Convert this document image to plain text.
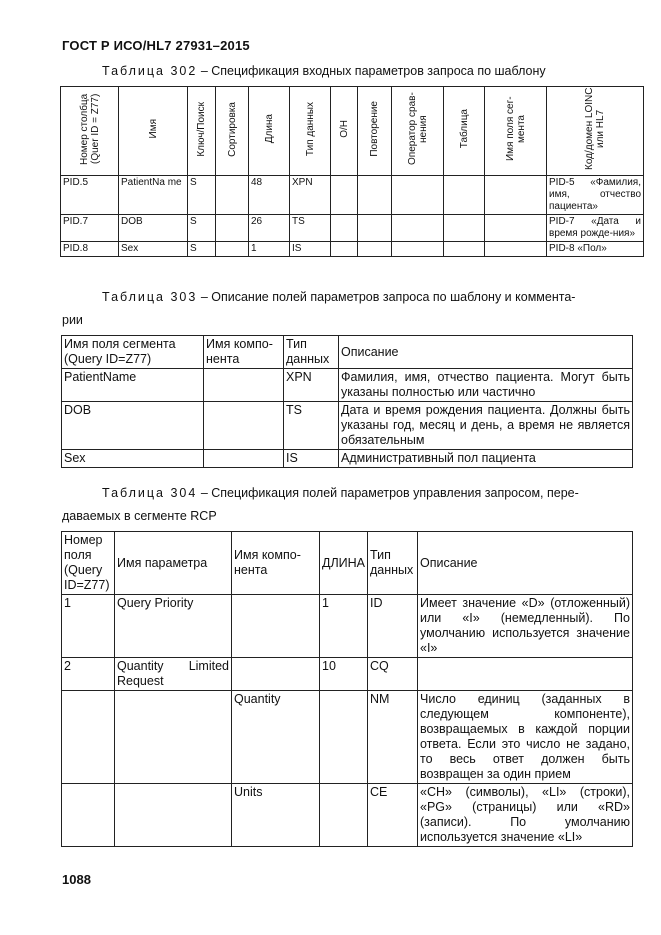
ГОСТ Р ИСО/HL7 27931–2015
Таблица 302 – Спецификация входных параметров запроса по шаблону
Номер столбца (Quer ID = Z77)	Имя	Ключ/Поиск	Сортировка	Длина	Тип данных	О/Н	Повторение	Оператор срав-нения	Таблица	Имя поля сег-мента	Код/домен LOINC или HL7
PID.5	PatientNa me	S		48	XPN						PID-5 «Фамилия, имя, отчество пациента»
PID.7	DOB	S		26	TS						PID-7 «Дата и время рожде-ния»
PID.8	Sex	S		1	IS						PID-8 «Пол»
Таблица 303 – Описание полей параметров запроса по шаблону и коммента-
рии
Имя поля сегмента (Query ID=Z77)	Имя компо-нента	Тип данных	Описание
PatientName		XPN	Фамилия, имя, отчество пациента. Могут быть указаны полностью или частично
DOB		TS	Дата и время рождения пациента. Должны быть указаны год, месяц и день, а время не является обязательным
Sex		IS	Административный пол пациента
Таблица 304 – Спецификация полей параметров управления запросом, пере-
даваемых в сегменте RCP
Номер поля (Query ID=Z77)	Имя параметра	Имя компо-нента	ДЛИНА	Тип данных	Описание
1	Query Priority		1	ID	Имеет значение «D» (отложенный) или «I» (немедленный). По умолчанию используется значение «I»
2	Quantity Limited Request		10	CQ	
		Quantity		NM	Число единиц (заданных в следующем компоненте), возвращаемых в каждой порции ответа. Если это число не задано, то весь ответ должен быть возвращен за один прием
		Units		CE	«CH» (символы), «LI» (строки), «PG» (страницы) или «RD» (записи). По умолчанию используется значение «LI»
1088
